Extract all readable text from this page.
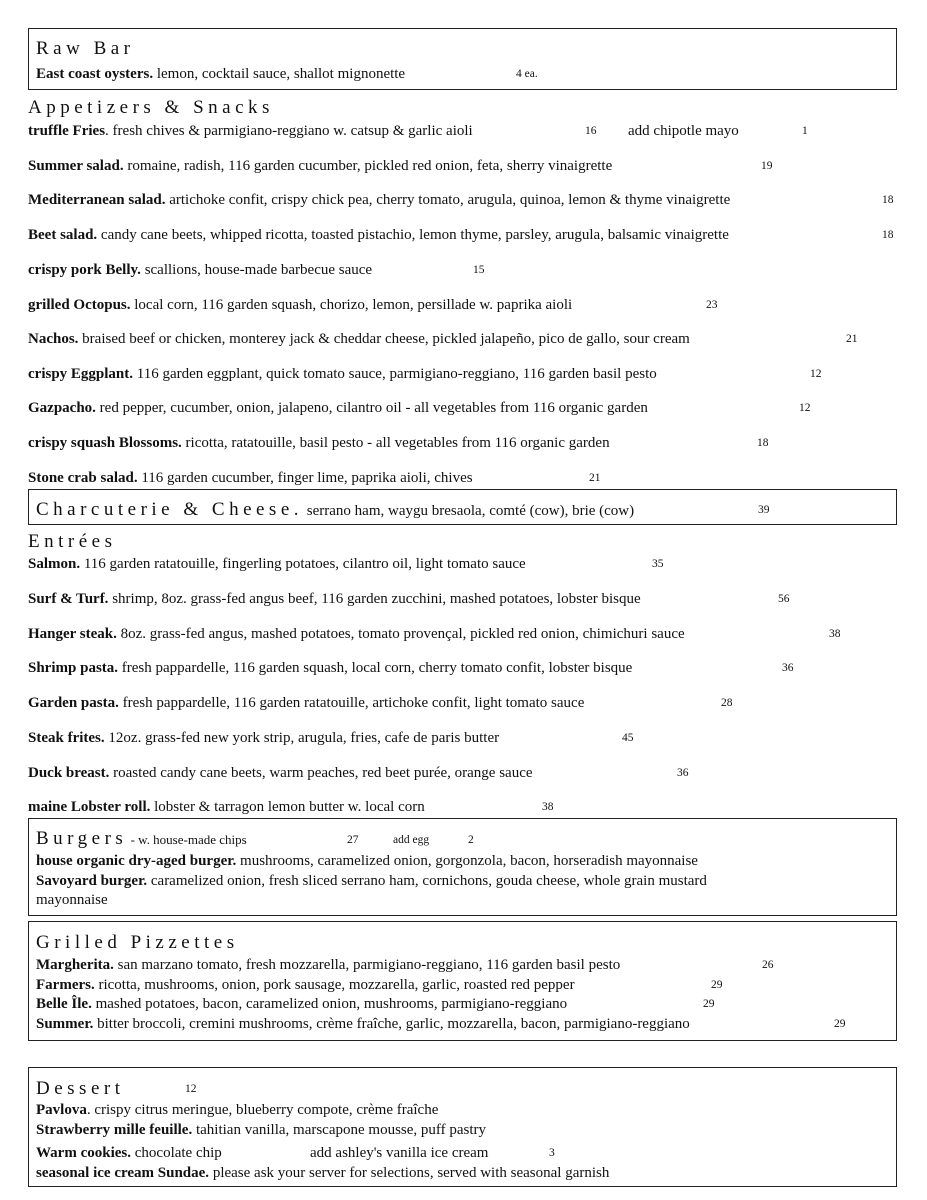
Raw Bar
East coast oysters. lemon, cocktail sauce, shallot mignonette	4 ea.
Appetizers & Snacks
truffle Fries. fresh chives & parmigiano-reggiano w. catsup & garlic aioli	16 add chipotle mayo	1
Summer salad. romaine, radish, 116 garden cucumber, pickled red onion, feta, sherry vinaigrette	19
Mediterranean salad. artichoke confit, crispy chick pea, cherry tomato, arugula, quinoa, lemon & thyme vinaigrette	18
Beet salad. candy cane beets, whipped ricotta, toasted pistachio, lemon thyme, parsley, arugula, balsamic vinaigrette	18
crispy pork Belly. scallions, house-made barbecue sauce	15
grilled Octopus. local corn, 116 garden squash, chorizo, lemon, persillade w. paprika aioli	23
Nachos. braised beef or chicken, monterey jack & cheddar cheese, pickled jalapeño, pico de gallo, sour cream	21
crispy Eggplant. 116 garden eggplant, quick tomato sauce, parmigiano-reggiano, 116 garden basil pesto	12
Gazpacho. red pepper, cucumber, onion, jalapeno, cilantro oil - all vegetables from 116 organic garden	12
crispy squash Blossoms. ricotta, ratatouille, basil pesto - all vegetables from 116 organic garden	18
Stone crab salad. 116 garden cucumber, finger lime, paprika aioli, chives	21
Charcuterie & Cheese. serrano ham, waygu bresaola, comté (cow), brie (cow)	39
Entrées
Salmon. 116 garden ratatouille, fingerling potatoes, cilantro oil, light tomato sauce	35
Surf & Turf. shrimp, 8oz. grass-fed angus beef, 116 garden zucchini, mashed potatoes, lobster bisque	56
Hanger steak. 8oz. grass-fed angus, mashed potatoes, tomato provençal, pickled red onion, chimichuri sauce	38
Shrimp pasta. fresh pappardelle, 116 garden squash, local corn, cherry tomato confit, lobster bisque	36
Garden pasta. fresh pappardelle, 116 garden ratatouille, artichoke confit, light tomato sauce	28
Steak frites. 12oz. grass-fed new york strip, arugula, fries, cafe de paris butter	45
Duck breast. roasted candy cane beets, warm peaches, red beet purée, orange sauce	36
maine Lobster roll. lobster & tarragon lemon butter w. local corn	38
Burgers - w. house-made chips	27	add egg	2
house organic dry-aged burger. mushrooms, caramelized onion, gorgonzola, bacon, horseradish mayonnaise
Savoyard burger. caramelized onion, fresh sliced serrano ham, cornichons, gouda cheese, whole grain mustard
mayonnaise
Grilled Pizzettes
Margherita. san marzano tomato, fresh mozzarella, parmigiano-reggiano, 116 garden basil pesto	26
Farmers. ricotta, mushrooms, onion, pork sausage, mozzarella, garlic, roasted red pepper	29
Belle Île. mashed potatoes, bacon, caramelized onion, mushrooms, parmigiano-reggiano	29
Summer. bitter broccoli, cremini mushrooms, crème fraîche, garlic, mozzarella, bacon, parmigiano-reggiano	29
Dessert	12
Pavlova. crispy citrus meringue, blueberry compote, crème fraîche
Strawberry mille feuille. tahitian vanilla, marscapone mousse, puff pastry
Warm cookies. chocolate chip	add ashley's vanilla ice cream	3
seasonal ice cream Sundae. please ask your server for selections, served with seasonal garnish
